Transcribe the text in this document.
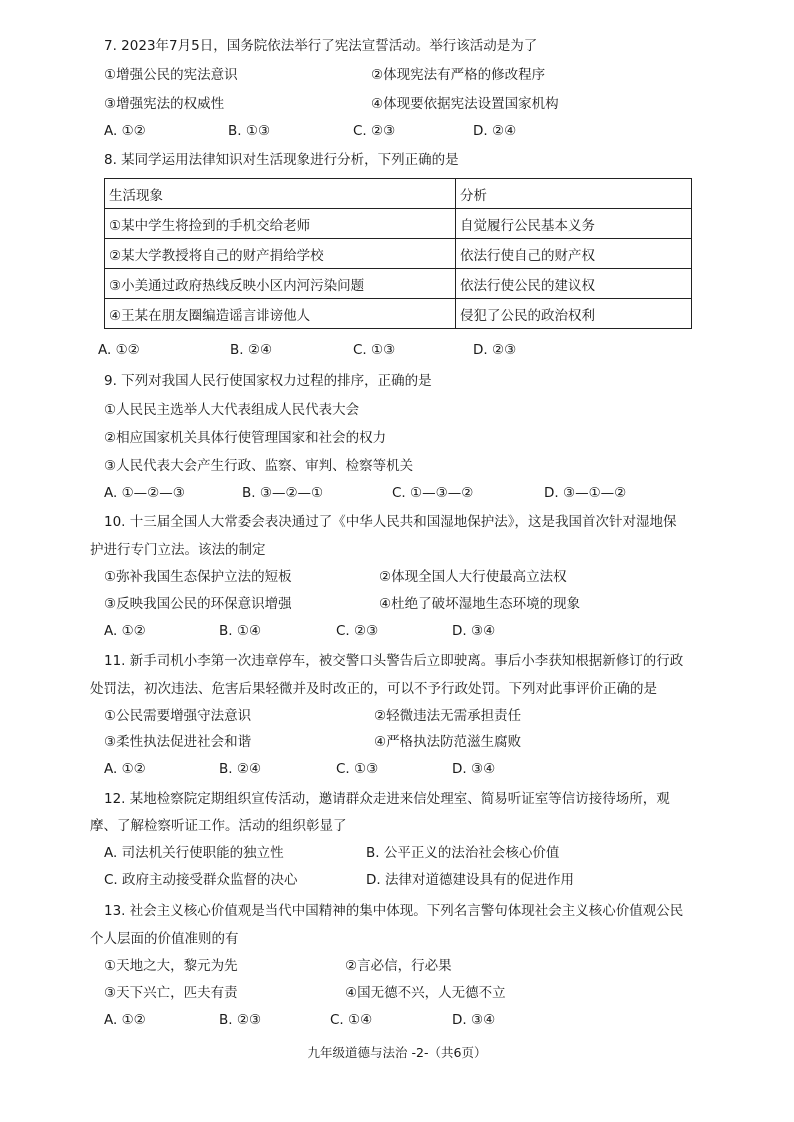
7. 2023年7月5日，国务院依法举行了宪法宣誓活动。举行该活动是为了
①增强公民的宪法意识	②体现宪法有严格的修改程序
③增强宪法的权威性	④体现要依据宪法设置国家机构
A. ①②	B. ①③	C. ②③	D. ②④
8. 某同学运用法律知识对生活现象进行分析，下列正确的是
生活现象	分析
①某中学生将捡到的手机交给老师	自觉履行公民基本义务
②某大学教授将自己的财产捐给学校	依法行使自己的财产权
③小美通过政府热线反映小区内河污染问题	依法行使公民的建议权
④王某在朋友圈编造谣言诽谤他人	侵犯了公民的政治权利
A. ①②	B. ②④	C. ①③	D. ②③
9. 下列对我国人民行使国家权力过程的排序，正确的是
①人民民主选举人大代表组成人民代表大会
②相应国家机关具体行使管理国家和社会的权力
③人民代表大会产生行政、监察、审判、检察等机关
A. ①—②—③	B. ③—②—①	C. ①—③—②	D. ③—①—②
10. 十三届全国人大常委会表决通过了《中华人民共和国湿地保护法》，这是我国首次针对湿地保
护进行专门立法。该法的制定
①弥补我国生态保护立法的短板	②体现全国人大行使最高立法权
③反映我国公民的环保意识增强	④杜绝了破坏湿地生态环境的现象
A. ①②	B. ①④	C. ②③	D. ③④
11. 新手司机小李第一次违章停车，被交警口头警告后立即驶离。事后小李获知根据新修订的行政
处罚法，初次违法、危害后果轻微并及时改正的，可以不予行政处罚。下列对此事评价正确的是
①公民需要增强守法意识	②轻微违法无需承担责任
③柔性执法促进社会和谐	④严格执法防范滋生腐败
A. ①②	B. ②④	C. ①③	D. ③④
12. 某地检察院定期组织宣传活动，邀请群众走进来信处理室、简易听证室等信访接待场所，观
摩、了解检察听证工作。活动的组织彰显了
A. 司法机关行使职能的独立性	B. 公平正义的法治社会核心价值
C. 政府主动接受群众监督的决心	D. 法律对道德建设具有的促进作用
13. 社会主义核心价值观是当代中国精神的集中体现。下列名言警句体现社会主义核心价值观公民
个人层面的价值准则的有
①天地之大，黎元为先	②言必信，行必果
③天下兴亡，匹夫有责	④国无德不兴，人无德不立
A. ①②	B. ②③	C. ①④	D. ③④
九年级道德与法治 -2-（共6页）
